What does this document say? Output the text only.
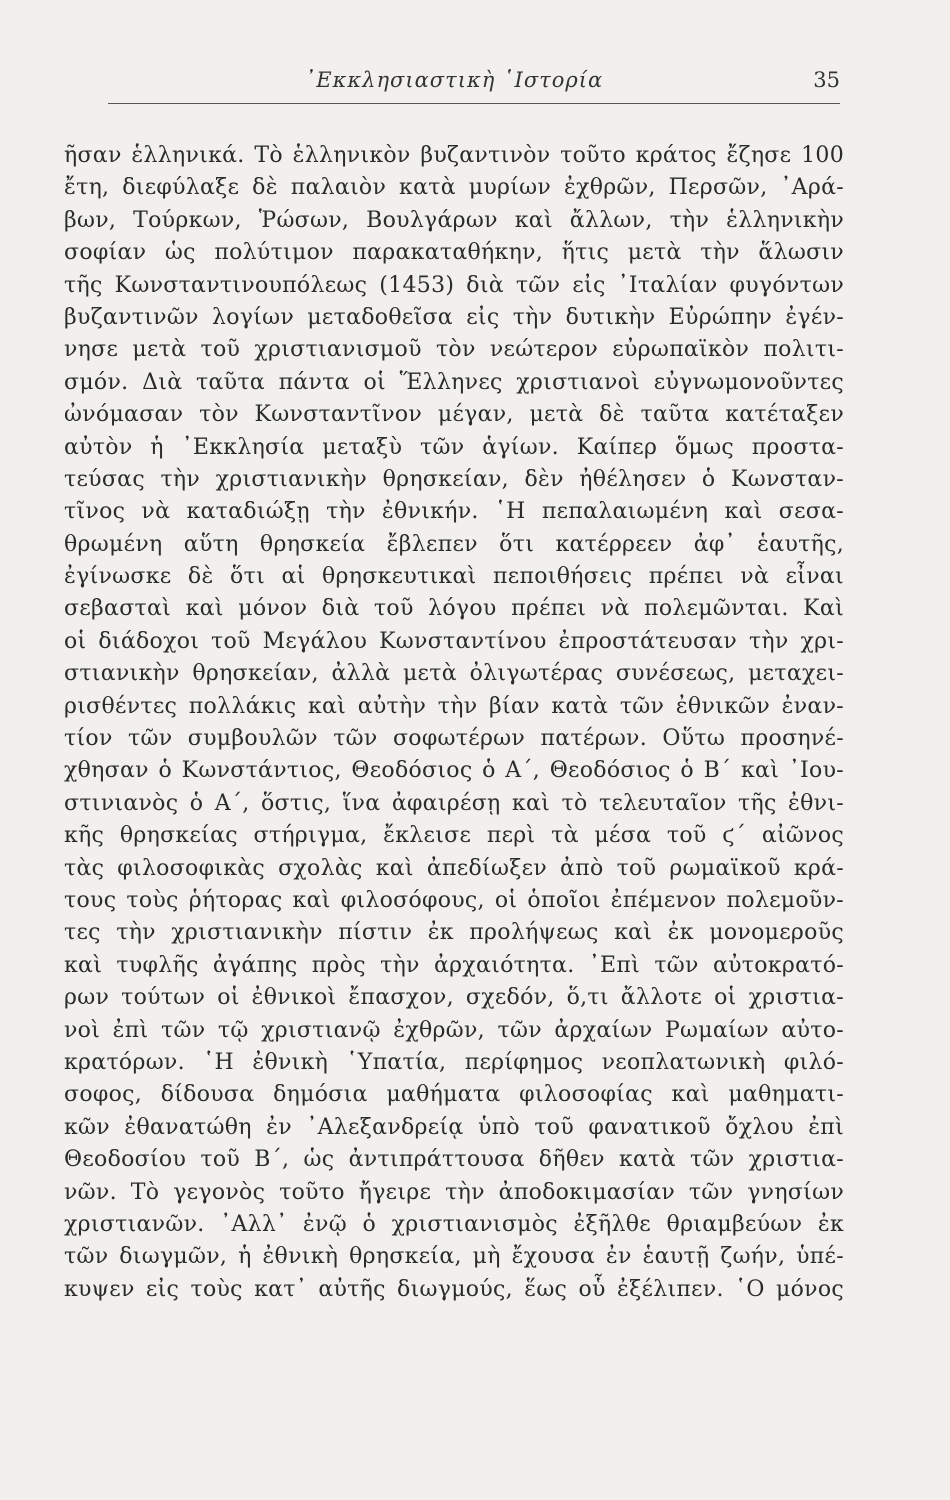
᾿Εκκλησιαστικὴ ῾Ιστορία	35
ῆσαν ἑλληνικά. Τὸ ἑλληνικὸν βυζαντινὸν τοῦτο κράτος ἔζησε 100
ἔτη, διεφύλαξε δὲ παλαιὸν κατὰ μυρίων ἐχθρῶν, Περσῶν, ᾿Αρά-
βων, Τούρκων, Ῥώσων, Βουλγάρων καὶ ἄλλων, τὴν ἑλληνικὴν
σοφίαν ὡς πολύτιμον παρακαταθήκην, ἥτις μετὰ τὴν ἅλωσιν
τῆς Κωνσταντινουπόλεως (1453) διὰ τῶν εἰς ᾿Ιταλίαν φυγόντων
βυζαντινῶν λογίων μεταδοθεῖσα εἰς τὴν δυτικὴν Εὐρώπην ἐγέν-
νησε μετὰ τοῦ χριστιανισμοῦ τὸν νεώτερον εὐρωπαϊκὸν πολιτι-
σμόν. Διὰ ταῦτα πάντα οἱ Ἕλληνες χριστιανοὶ εὐγνωμονοῦντες
ὠνόμασαν τὸν Κωνσταντῖνον μέγαν, μετὰ δὲ ταῦτα κατέταξεν
αὐτὸν ἡ ᾿Εκκλησία μεταξὺ τῶν ἁγίων. Καίπερ ὅμως προστα-
τεύσας τὴν χριστιανικὴν θρησκείαν, δὲν ἠθέλησεν ὁ Κωνσταν-
τῖνος νὰ καταδιώξῃ τὴν ἐθνικήν. ῾Η πεπαλαιωμένη καὶ σεσα-
θρωμένη αὕτη θρησκεία ἔβλεπεν ὅτι κατέρρεεν ἀφ᾿ ἑαυτῆς,
ἐγίνωσκε δὲ ὅτι αἱ θρησκευτικαὶ πεποιθήσεις πρέπει νὰ εἶναι
σεβασταὶ καὶ μόνον διὰ τοῦ λόγου πρέπει νὰ πολεμῶνται. Καὶ
οἱ διάδοχοι τοῦ Μεγάλου Κωνσταντίνου ἐπροστάτευσαν τὴν χρι-
στιανικὴν θρησκείαν, ἀλλὰ μετὰ ὀλιγωτέρας συνέσεως, μεταχει-
ρισθέντες πολλάκις καὶ αὐτὴν τὴν βίαν κατὰ τῶν ἐθνικῶν ἐναν-
τίον τῶν συμβουλῶν τῶν σοφωτέρων πατέρων. Οὕτω προσηνέ-
χθησαν ὁ Κωνστάντιος, Θεοδόσιος ὁ Α΄, Θεοδόσιος ὁ Β΄ καὶ ᾿Ιου-
στινιανὸς ὁ Α΄, ὅστις, ἵνα ἀφαιρέσῃ καὶ τὸ τελευταῖον τῆς ἐθνι-
κῆς θρησκείας στήριγμα, ἔκλεισε περὶ τὰ μέσα τοῦ ϛ΄ αἰῶνος
τὰς φιλοσοφικὰς σχολὰς καὶ ἀπεδίωξεν ἀπὸ τοῦ ρωμαϊκοῦ κρά-
τους τοὺς ῥήτορας καὶ φιλοσόφους, οἱ ὁποῖοι ἐπέμενον πολεμοῦν-
τες τὴν χριστιανικὴν πίστιν ἐκ προλήψεως καὶ ἐκ μονομεροῦς
καὶ τυφλῆς ἀγάπης πρὸς τὴν ἀρχαιότητα. ᾿Επὶ τῶν αὐτοκρατό-
ρων τούτων οἱ ἐθνικοὶ ἔπασχον, σχεδόν, ὅ,τι ἄλλοτε οἱ χριστια-
νοὶ ἐπὶ τῶν τῷ χριστιανῷ ἐχθρῶν, τῶν ἀρχαίων Ρωμαίων αὐτο-
κρατόρων. ῾Η ἐθνικὴ ῾Υπατία, περίφημος νεοπλατωνικὴ φιλό-
σοφος, δίδουσα δημόσια μαθήματα φιλοσοφίας καὶ μαθηματι-
κῶν ἐθανατώθη ἐν ᾿Αλεξανδρείᾳ ὑπὸ τοῦ φανατικοῦ ὄχλου ἐπὶ
Θεοδοσίου τοῦ Β΄, ὡς ἀντιπράττουσα δῆθεν κατὰ τῶν χριστια-
νῶν. Τὸ γεγονὸς τοῦτο ἤγειρε τὴν ἀποδοκιμασίαν τῶν γνησίων
χριστιανῶν. ᾿Αλλ᾿ ἐνῷ ὁ χριστιανισμὸς ἐξῆλθε θριαμβεύων ἐκ
τῶν διωγμῶν, ἡ ἐθνικὴ θρησκεία, μὴ ἔχουσα ἐν ἑαυτῇ ζωήν, ὑπέ-
κυψεν εἰς τοὺς κατ᾿ αὐτῆς διωγμούς, ἕως οὗ ἐξέλιπεν. ῾Ο μόνος
